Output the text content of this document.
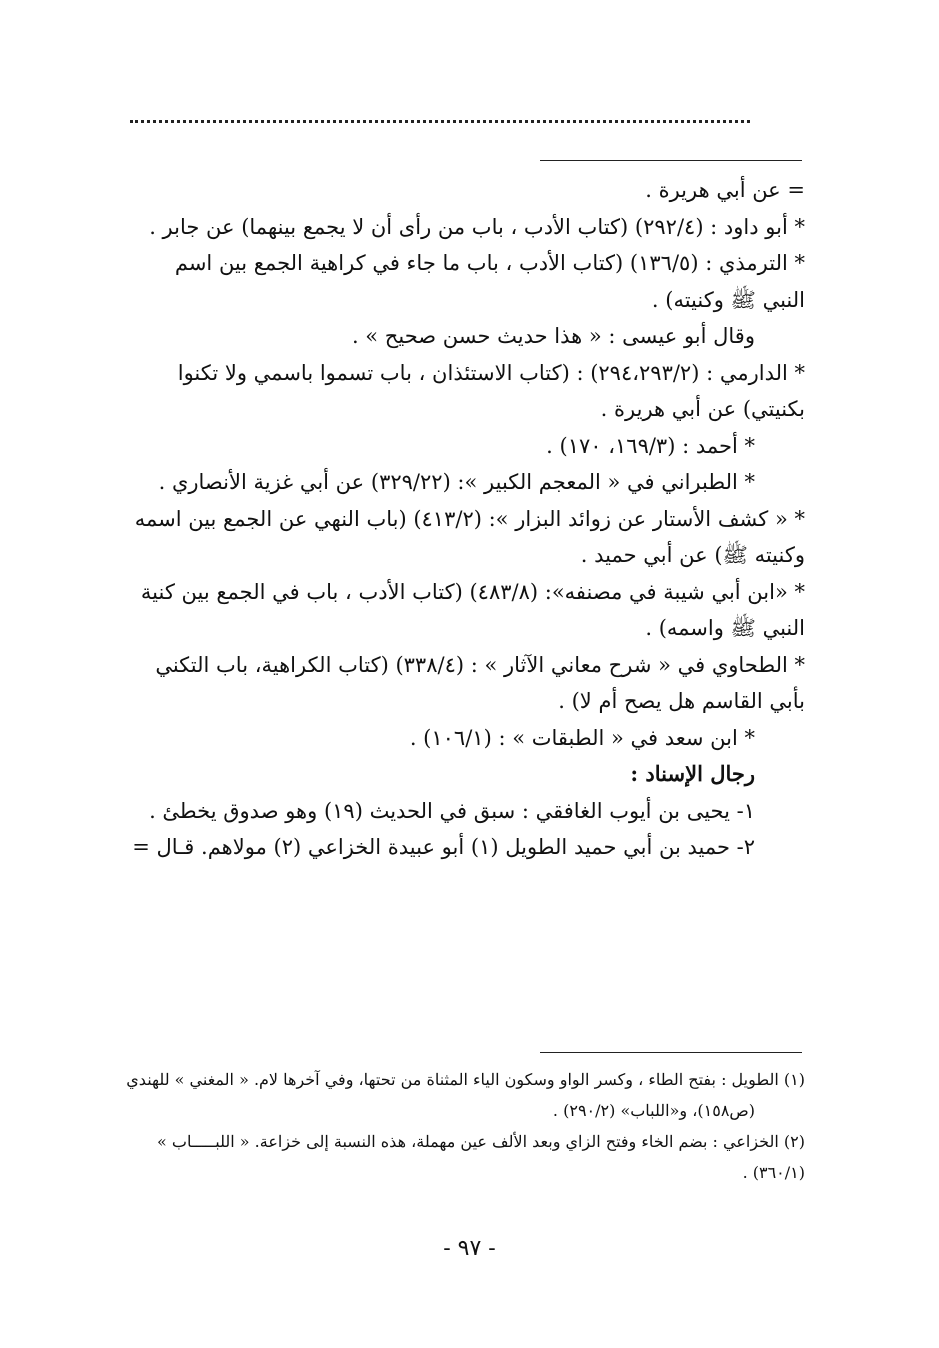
= عن أبي هريرة .
* أبو داود : (٢٩٢/٤) (كتاب الأدب ، باب من رأى أن لا يجمع بينهما) عن جابر .
* الترمذي : (١٣٦/٥) (كتاب الأدب ، باب ما جاء في كراهية الجمع بين اسم
النبي ﷺ وكنيته) .
وقال أبو عيسى : « هذا حديث حسن صحيح » .
* الدارمي : (٢٩٤،٢٩٣/٢) : (كتاب الاستئذان ، باب تسموا باسمي ولا تكنوا
بكنيتي) عن أبي هريرة .
* أحمد : (١٦٩/٣، ١٧٠) .
* الطبراني في « المعجم الكبير »: (٣٢٩/٢٢) عن أبي غزية الأنصاري .
* « كشف الأستار عن زوائد البزار »: (٤١٣/٢) (باب النهي عن الجمع بين اسمه
وكنيته ﷺ) عن أبي حميد .
* «ابن أبي شيبة في مصنفه»: (٤٨٣/٨) (كتاب الأدب ، باب في الجمع بين كنية
النبي ﷺ واسمه) .
* الطحاوي في « شرح معاني الآثار » : (٣٣٨/٤) (كتاب الكراهية، باب التكني
بأبي القاسم هل يصح أم لا) .
* ابن سعد في « الطبقات » : (١٠٦/١) .
رجال الإسناد :
١- يحيى بن أيوب الغافقي : سبق في الحديث (١٩) وهو صدوق يخطئ .
٢- حميد بن أبي حميد الطويل (١) أبو عبيدة الخزاعي (٢) مولاهم. قـال =
(١) الطويل : بفتح الطاء ، وكسر الواو وسكون الياء المثناة من تحتها، وفي آخرها لام. « المغني » للهندي
(ص١٥٨)، و«اللباب» (٢٩٠/٢) .
(٢) الخزاعي : بضم الخاء وفتح الزاي وبعد الألف عين مهملة، هذه النسبة إلى خزاعة. « اللبـــــاب »
(٣٦٠/١) .
- ٩٧ -
